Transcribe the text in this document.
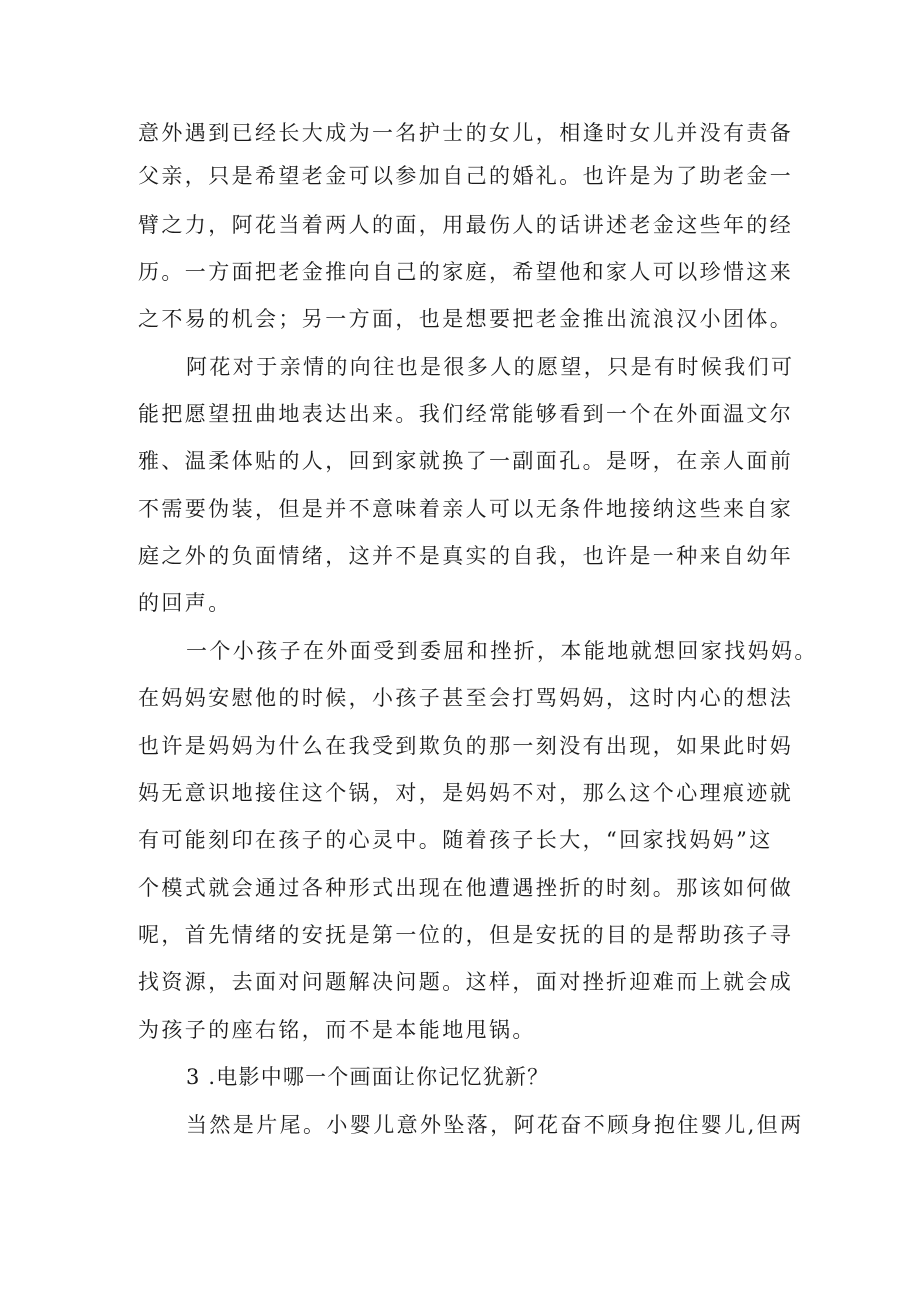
意外遇到已经长大成为一名护士的女儿，相逢时女儿并没有责备
父亲，只是希望老金可以参加自己的婚礼。也许是为了助老金一
臂之力，阿花当着两人的面，用最伤人的话讲述老金这些年的经
历。一方面把老金推向自己的家庭，希望他和家人可以珍惜这来
之不易的机会；另一方面，也是想要把老金推出流浪汉小团体。
阿花对于亲情的向往也是很多人的愿望，只是有时候我们可
能把愿望扭曲地表达出来。我们经常能够看到一个在外面温文尔
雅、温柔体贴的人，回到家就换了一副面孔。是呀，在亲人面前
不需要伪装，但是并不意味着亲人可以无条件地接纳这些来自家
庭之外的负面情绪，这并不是真实的自我，也许是一种来自幼年
的回声。
一个小孩子在外面受到委屈和挫折，本能地就想回家找妈妈。
在妈妈安慰他的时候，小孩子甚至会打骂妈妈，这时内心的想法
也许是妈妈为什么在我受到欺负的那一刻没有出现，如果此时妈
妈无意识地接住这个锅，对，是妈妈不对，那么这个心理痕迹就
有可能刻印在孩子的心灵中。随着孩子长大，“回家找妈妈”这
个模式就会通过各种形式出现在他遭遇挫折的时刻。那该如何做
呢，首先情绪的安抚是第一位的，但是安抚的目的是帮助孩子寻
找资源，去面对问题解决问题。这样，面对挫折迎难而上就会成
为孩子的座右铭，而不是本能地甩锅。
3 .电影中哪一个画面让你记忆犹新？
当然是片尾。小婴儿意外坠落，阿花奋不顾身抱住婴儿,但两
